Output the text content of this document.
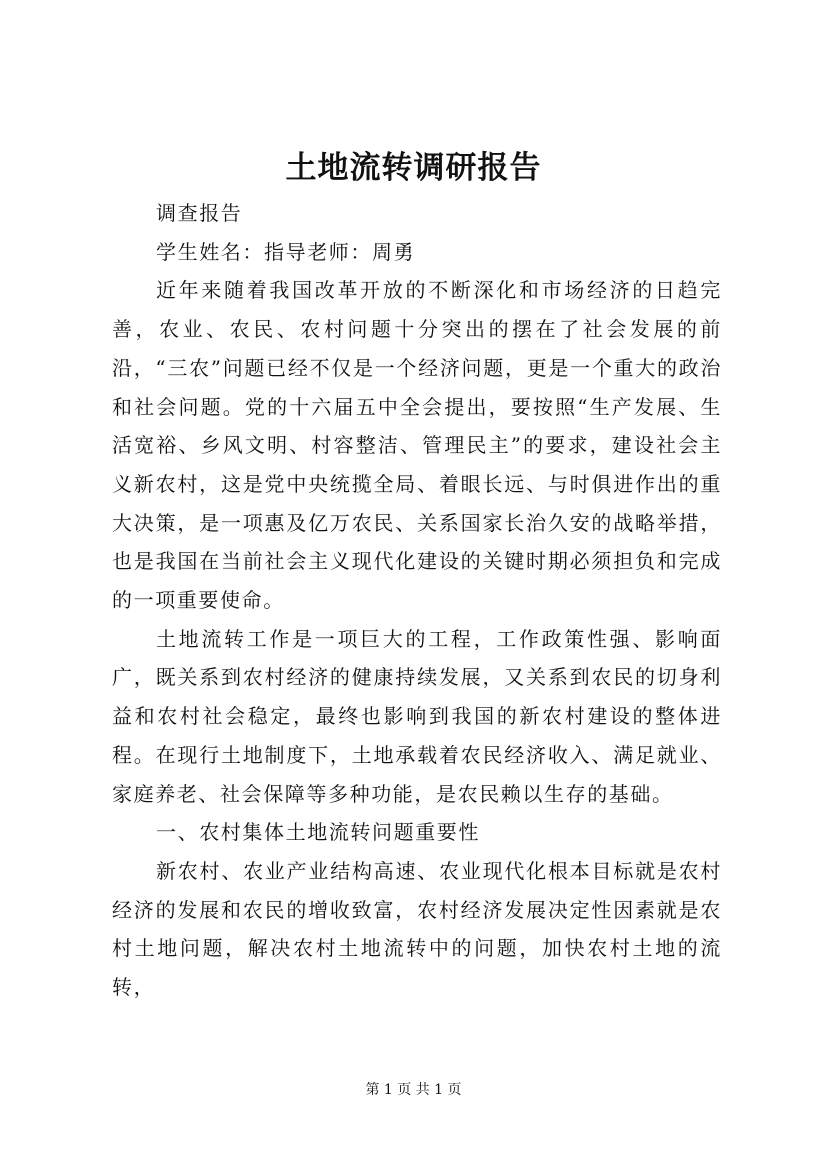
土地流转调研报告

调查报告

学生姓名：指导老师：周勇

近年来随着我国改革开放的不断深化和市场经济的日趋完善，农业、农民、农村问题十分突出的摆在了社会发展的前沿，“三农”问题已经不仅是一个经济问题，更是一个重大的政治和社会问题。党的十六届五中全会提出，要按照“生产发展、生活宽裕、乡风文明、村容整洁、管理民主”的要求，建设社会主义新农村，这是党中央统揽全局、着眼长远、与时俱进作出的重大决策，是一项惠及亿万农民、关系国家长治久安的战略举措，也是我国在当前社会主义现代化建设的关键时期必须担负和完成的一项重要使命。

土地流转工作是一项巨大的工程，工作政策性强、影响面广，既关系到农村经济的健康持续发展，又关系到农民的切身利益和农村社会稳定，最终也影响到我国的新农村建设的整体进程。在现行土地制度下，土地承载着农民经济收入、满足就业、家庭养老、社会保障等多种功能，是农民赖以生存的基础。

一、农村集体土地流转问题重要性

新农村、农业产业结构高速、农业现代化根本目标就是农村经济的发展和农民的增收致富，农村经济发展决定性因素就是农村土地问题，解决农村土地流转中的问题，加快农村土地的流转，

第 1 页 共 1 页
